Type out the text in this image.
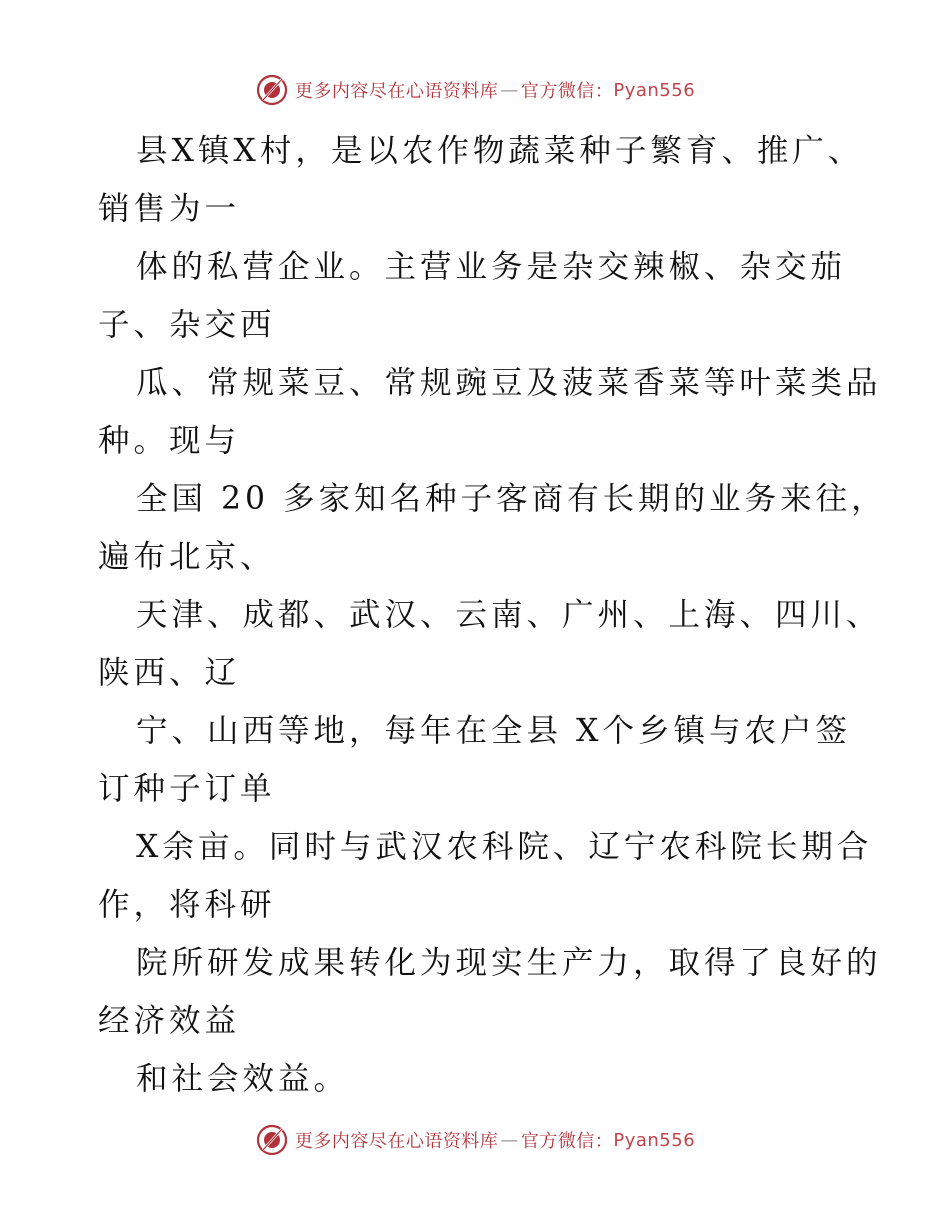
更多内容尽在心语资料库 — 官方微信： Pyan556

县X镇X村，是以农作物蔬菜种子繁育、推广、

销售为一

体的私营企业。主营业务是杂交辣椒、杂交茄

子、杂交西

瓜、常规菜豆、常规豌豆及菠菜香菜等叶菜类品

种。现与

全国 20 多家知名种子客商有长期的业务来往，

遍布北京、

天津、成都、武汉、云南、广州、上海、四川、

陕西、辽

宁、山西等地，每年在全县 X个乡镇与农户签

订种子订单

X余亩。同时与武汉农科院、辽宁农科院长期合

作，将科研

院所研发成果转化为现实生产力，取得了良好的

经济效益

和社会效益。

更多内容尽在心语资料库 — 官方微信： Pyan556
